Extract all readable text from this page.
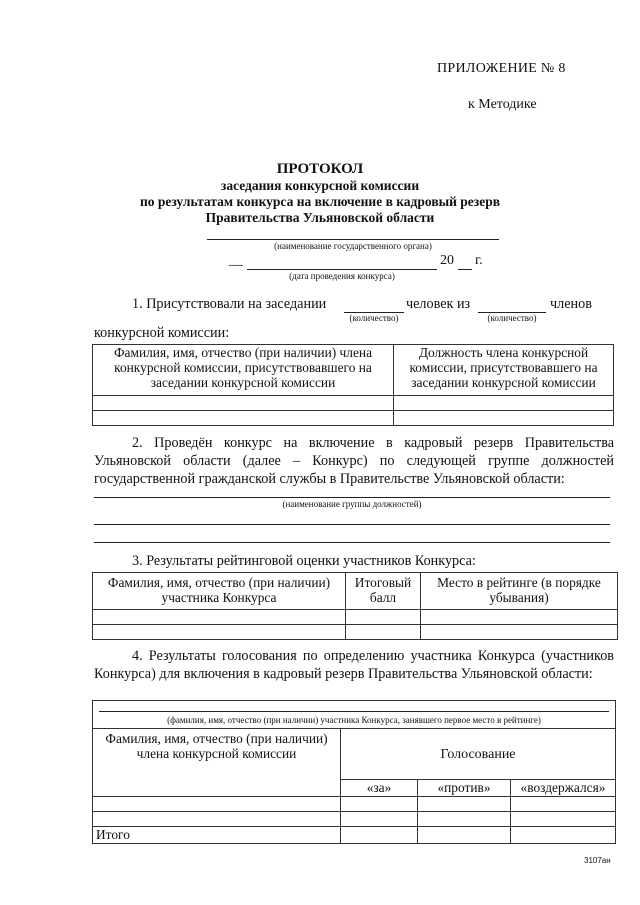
ПРИЛОЖЕНИЕ № 8
к Методике
ПРОТОКОЛ
заседания конкурсной комиссии
по результатам конкурса на включение в кадровый резерв
Правительства Ульяновской области
(наименование государственного органа)
__	20 г.
(дата проведения конкурса)
1. Присутствовали на заседании	человек из	членов
(количество)	(количество)
конкурсной комиссии:
Фамилия, имя, отчество (при наличии) члена конкурсной комиссии, присутствовавшего на заседании конкурсной комиссии	Должность члена конкурсной комиссии, присутствовавшего на заседании конкурсной комиссии

2. Проведён конкурс на включение в кадровый резерв Правительства Ульяновской области (далее – Конкурс) по следующей группе должностей государственной гражданской службы в Правительстве Ульяновской области:
(наименование группы должностей)
3. Результаты рейтинговой оценки участников Конкурса:
Фамилия, имя, отчество (при наличии) участника Конкурса	Итоговый балл	Место в рейтинге (в порядке убывания)

4. Результаты голосования по определению участника Конкурса (участников Конкурса) для включения в кадровый резерв Правительства Ульяновской области:
(фамилия, имя, отчество (при наличии) участника Конкурса, занявшего первое место в рейтинге)			

Фамилия, имя, отчество (при наличии) члена конкурсной комиссии	Голосование		
	«за»	«против»	«воздержался»

Итого			
3107ан
